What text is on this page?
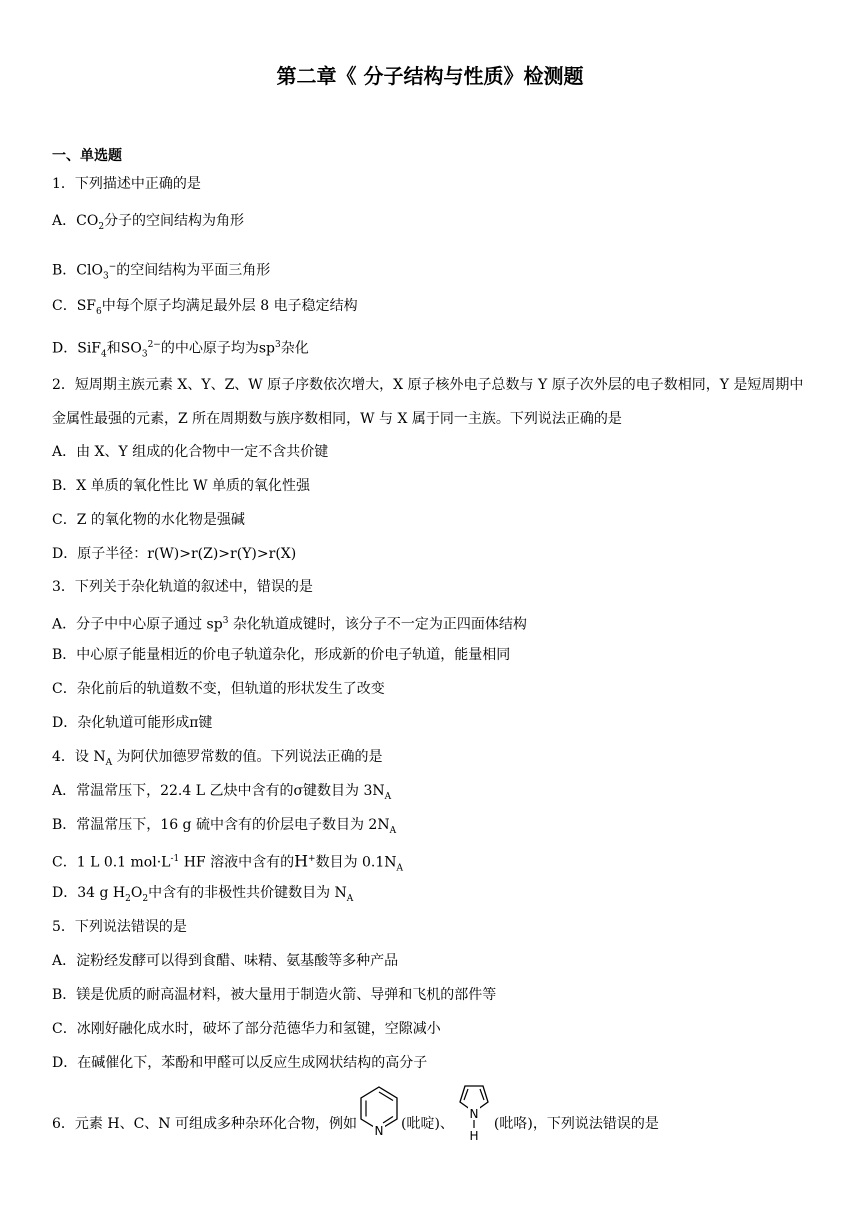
第二章《 分子结构与性质》检测题
一、单选题
1．下列描述中正确的是
A．$CO_2$分子的空间结构为角形
B．ClO$_3$−的空间结构为平面三角形
C．$SF_6$中每个原子均满足最外层 8 电子稳定结构
D．SiF$_4$和$SO_3^{2-}$的中心原子均为$sp^3$杂化
2．短周期主族元素 X、Y、Z、W 原子序数依次增大，X 原子核外电子总数与 Y 原子次外层的电子数相同，Y 是短周期中金属性最强的元素，Z 所在周期数与族序数相同，W 与 X 属于同一主族。下列说法正确的是
A．由 X、Y 组成的化合物中一定不含共价键
B．X 单质的氧化性比 W 单质的氧化性强
C．Z 的氧化物的水化物是强碱
D．原子半径：r(W)>r(Z)>r(Y)>r(X)
3．下列关于杂化轨道的叙述中，错误的是
A．分子中中心原子通过 $sp^3$ 杂化轨道成键时，该分子不一定为正四面体结构
B．中心原子能量相近的价电子轨道杂化，形成新的价电子轨道，能量相同
C．杂化前后的轨道数不变，但轨道的形状发生了改变
D．杂化轨道可能形成π键
4．设 $N_A$ 为阿伏加德罗常数的值。下列说法正确的是
A．常温常压下，22.4 L 乙炔中含有的σ键数目为 $3N_A$
B．常温常压下，16 g 硫中含有的价层电子数目为 $2N_A$
C．1 L 0.1 $mol\cdot L^{-1}$ HF 溶液中含有的H+数目为 $0.1N_A$
D．34 g $H_2O_2$中含有的非极性共价键数目为 $N_A$
5．下列说法错误的是
A．淀粉经发酵可以得到食醋、味精、氨基酸等多种产品
B．镁是优质的耐高温材料，被大量用于制造火箭、导弹和飞机的部件等
C．冰刚好融化成水时，破坏了部分范德华力和氢键，空隙减小
D．在碱催化下，苯酚和甲醛可以反应生成网状结构的高分子
6．元素 H、C、N 可组成多种杂环化合物，例如 N (吡啶)、
N
H
(吡咯)，下列说法错误的是
